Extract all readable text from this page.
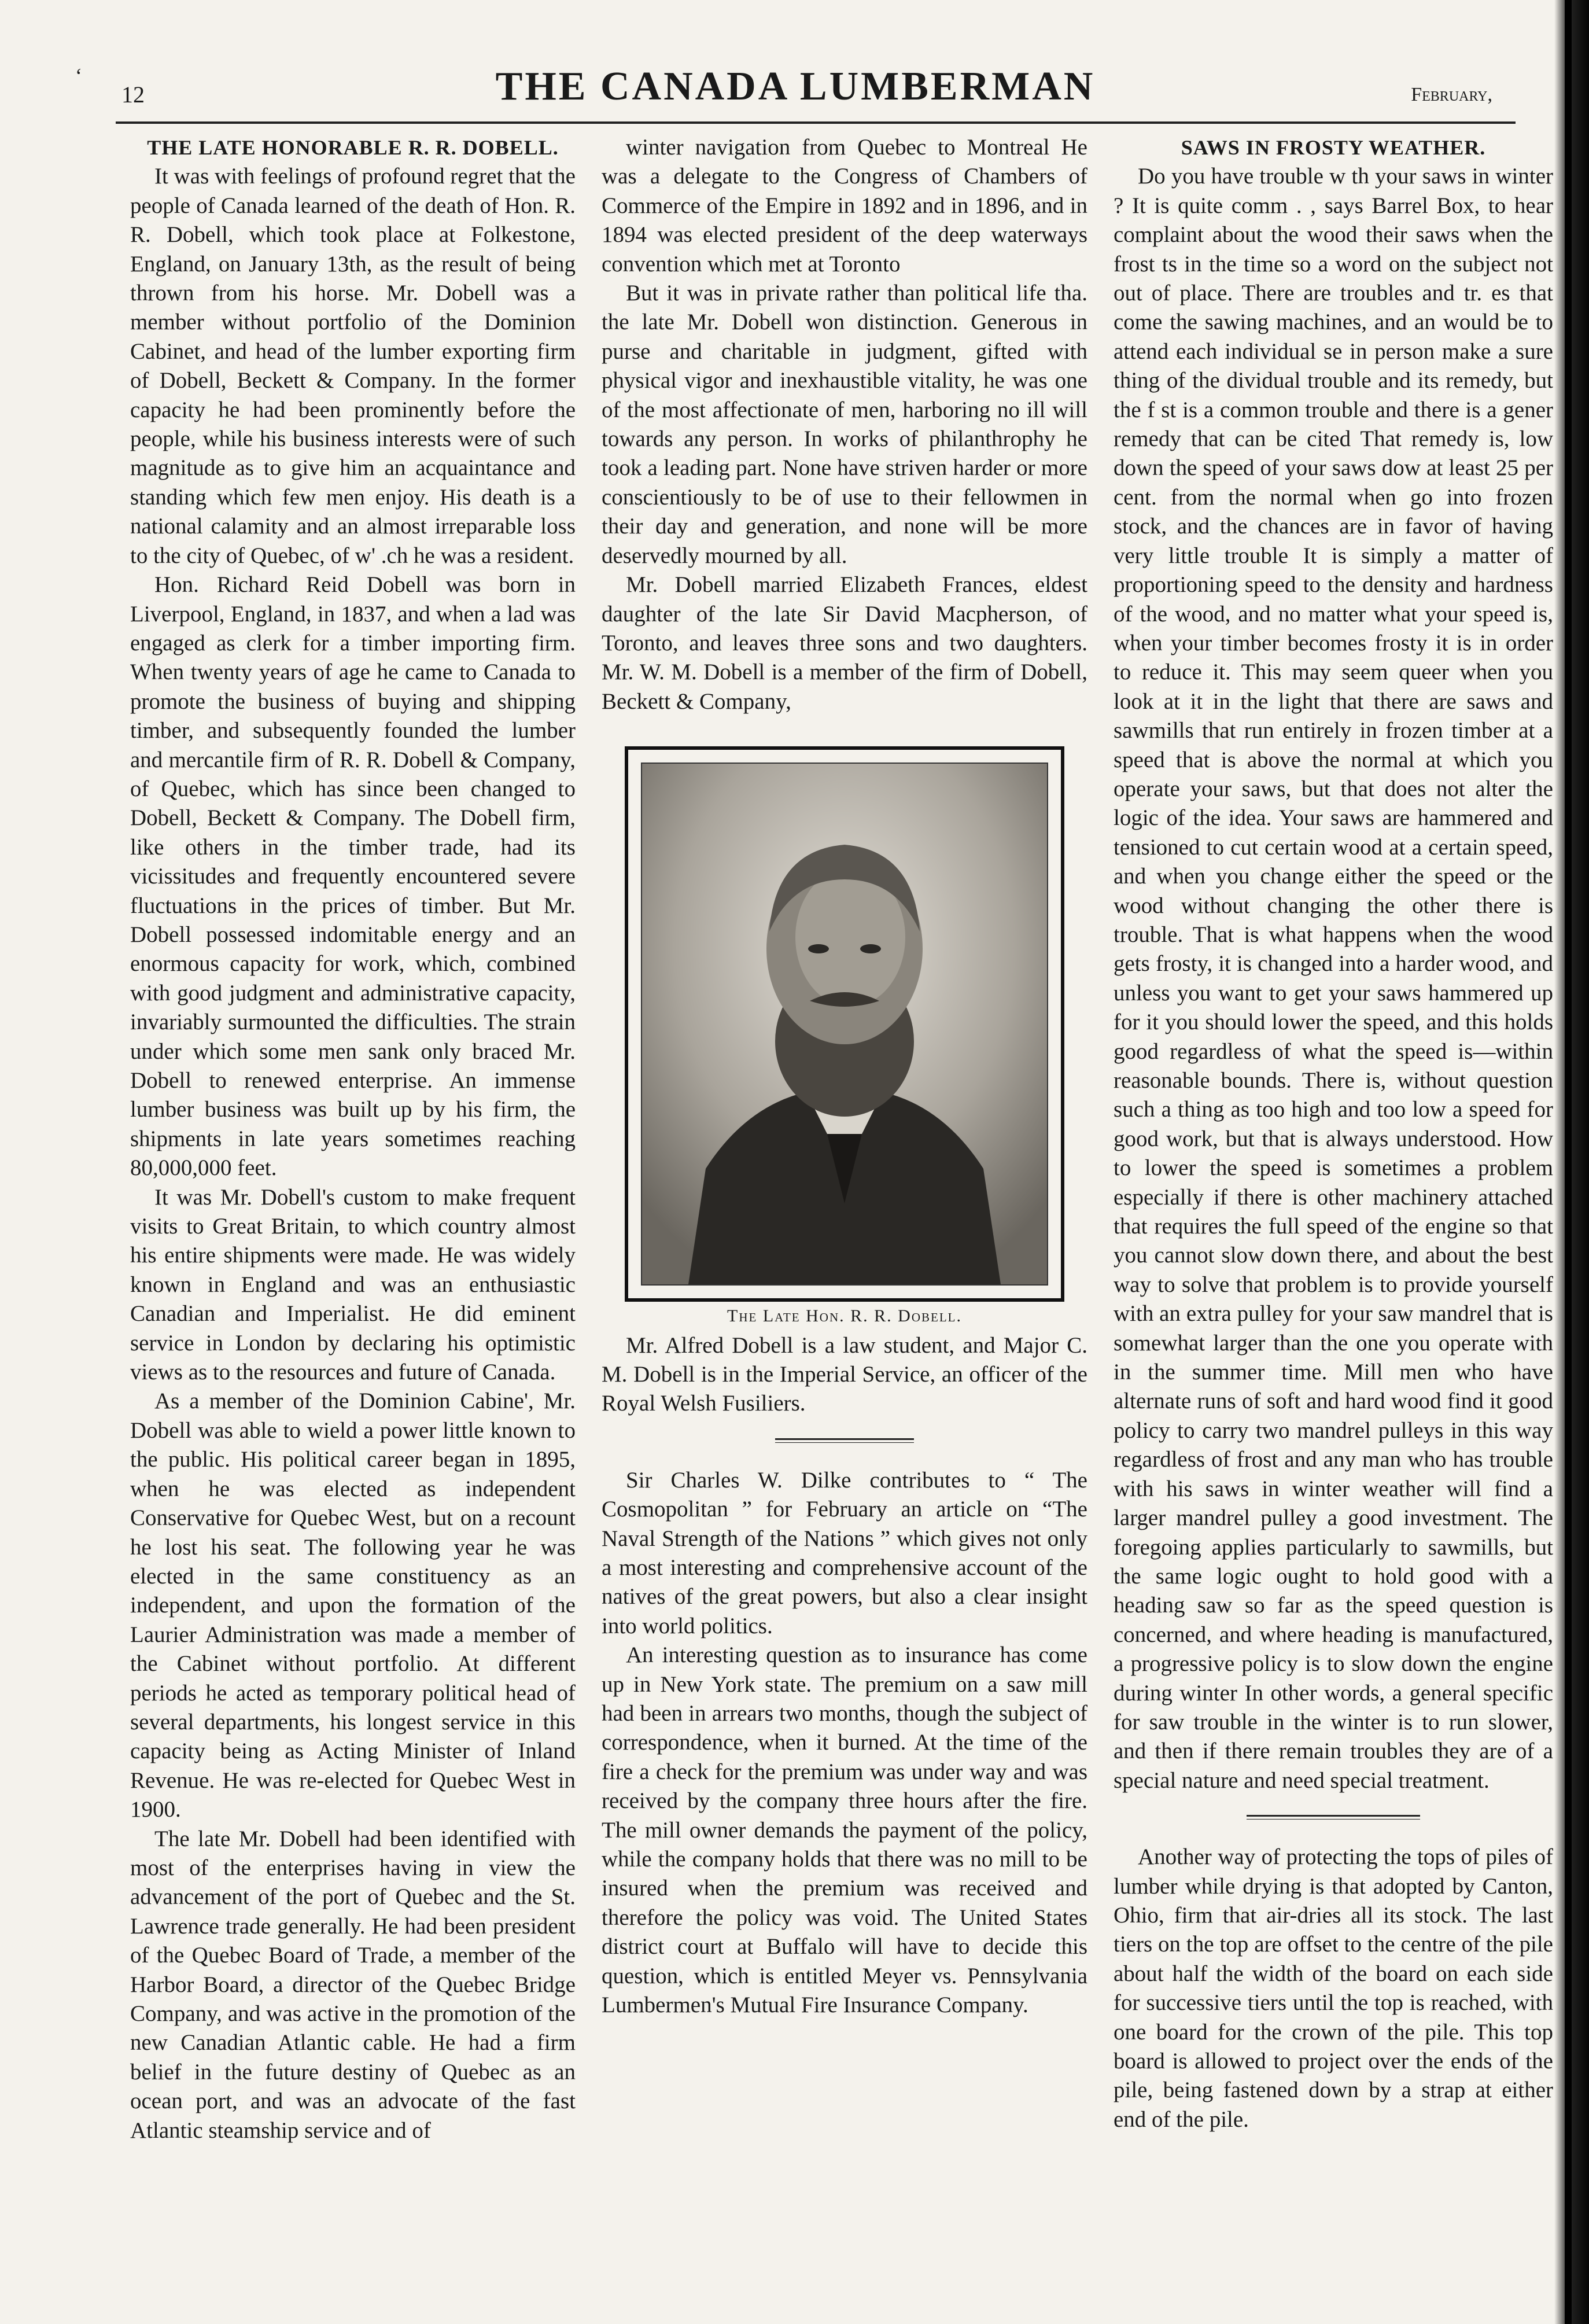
ʻ
12	THE CANADA LUMBERMAN	February,

THE LATE HONORABLE R. R. DOBELL.

It was with feelings of profound regret that the people of Canada learned of the death of Hon. R. R. Dobell, which took place at Folkestone, England, on January 13th, as the result of being thrown from his horse. Mr. Dobell was a member without portfolio of the Dominion Cabinet, and head of the lumber exporting firm of Dobell, Beckett & Company. In the former capacity he had been prominently before the people, while his business interests were of such magnitude as to give him an acquaintance and standing which few men enjoy. His death is a national calamity and an almost irreparable loss to the city of Quebec, of w' .ch he was a resident.

Hon. Richard Reid Dobell was born in Liverpool, England, in 1837, and when a lad was engaged as clerk for a timber importing firm. When twenty years of age he came to Canada to promote the business of buying and shipping timber, and subsequently founded the lumber and mercantile firm of R. R. Dobell & Company, of Quebec, which has since been changed to Dobell, Beckett & Company. The Dobell firm, like others in the timber trade, had its vicissitudes and frequently encountered severe fluctuations in the prices of timber. But Mr. Dobell possessed indomitable energy and an enormous capacity for work, which, combined with good judgment and administrative capacity, invariably surmounted the difficulties. The strain under which some men sank only braced Mr. Dobell to renewed enterprise. An immense lumber business was built up by his firm, the shipments in late years sometimes reaching 80,000,000 feet.

It was Mr. Dobell's custom to make frequent visits to Great Britain, to which country almost his entire shipments were made. He was widely known in England and was an enthusiastic Canadian and Imperialist. He did eminent service in London by declaring his optimistic views as to the resources and future of Canada.

As a member of the Dominion Cabine', Mr. Dobell was able to wield a power little known to the public. His political career began in 1895, when he was elected as independent Conservative for Quebec West, but on a recount he lost his seat. The following year he was elected in the same constituency as an independent, and upon the formation of the Laurier Administration was made a member of the Cabinet without portfolio. At different periods he acted as temporary political head of several departments, his longest service in this capacity being as Acting Minister of Inland Revenue. He was re-elected for Quebec West in 1900.

The late Mr. Dobell had been identified with most of the enterprises having in view the advancement of the port of Quebec and the St. Lawrence trade generally. He had been president of the Quebec Board of Trade, a member of the Harbor Board, a director of the Quebec Bridge Company, and was active in the promotion of the new Canadian Atlantic cable. He had a firm belief in the future destiny of Quebec as an ocean port, and was an advocate of the fast Atlantic steamship service and of

winter navigation from Quebec to Montreal He was a delegate to the Congress of Chambers of Commerce of the Empire in 1892 and in 1896, and in 1894 was elected president of the deep waterways convention which met at Toronto

But it was in private rather than political life tha. the late Mr. Dobell won distinction. Generous in purse and charitable in judgment, gifted with physical vigor and inexhaustible vitality, he was one of the most affectionate of men, harboring no ill will towards any person. In works of philanthrophy he took a leading part. None have striven harder or more conscientiously to be of use to their fellowmen in their day and generation, and none will be more deservedly mourned by all.

Mr. Dobell married Elizabeth Frances, eldest daughter of the late Sir David Macpherson, of Toronto, and leaves three sons and two daughters. Mr. W. M. Dobell is a member of the firm of Dobell, Beckett & Company,

The Late Hon. R. R. Dobell.

Mr. Alfred Dobell is a law student, and Major C. M. Dobell is in the Imperial Service, an officer of the Royal Welsh Fusiliers.

Sir Charles W. Dilke contributes to “ The Cosmopolitan ” for February an article on “The Naval Strength of the Nations ” which gives not only a most interesting and comprehensive account of the natives of the great powers, but also a clear insight into world politics.

An interesting question as to insurance has come up in New York state. The premium on a saw mill had been in arrears two months, though the subject of correspondence, when it burned. At the time of the fire a check for the premium was under way and was received by the company three hours after the fire. The mill owner demands the payment of the policy, while the company holds that there was no mill to be insured when the premium was received and therefore the policy was void. The United States district court at Buffalo will have to decide this question, which is entitled Meyer vs. Pennsylvania Lumbermen's Mutual Fire Insurance Company.

SAWS IN FROSTY WEATHER.

Do you have trouble w th your saws in winter ? It is quite comm . , says Barrel Box, to hear complaint about the wood their saws when the frost ts in the time so a word on the subject not out of place. There are troubles and tr. es that come the sawing machines, and an would be to attend each individual se in person make a sure thing of the dividual trouble and its remedy, but the f st is a common trouble and there is a gener remedy that can be cited That remedy is, low down the speed of your saws dow at least 25 per cent. from the normal when go into frozen stock, and the chances are in favor of having very little trouble It is simply a matter of proportioning speed to the density and hardness of the wood, and no matter what your speed is, when your timber becomes frosty it is in order to reduce it. This may seem queer when you look at it in the light that there are saws and sawmills that run entirely in frozen timber at a speed that is above the normal at which you operate your saws, but that does not alter the logic of the idea. Your saws are hammered and tensioned to cut certain wood at a certain speed, and when you change either the speed or the wood without changing the other there is trouble. That is what happens when the wood gets frosty, it is changed into a harder wood, and unless you want to get your saws hammered up for it you should lower the speed, and this holds good regardless of what the speed is—within reasonable bounds. There is, without question such a thing as too high and too low a speed for good work, but that is always understood. How to lower the speed is sometimes a problem especially if there is other machinery attached that requires the full speed of the engine so that you cannot slow down there, and about the best way to solve that problem is to provide yourself with an extra pulley for your saw mandrel that is somewhat larger than the one you operate with in the summer time. Mill men who have alternate runs of soft and hard wood find it good policy to carry two mandrel pulleys in this way regardless of frost and any man who has trouble with his saws in winter weather will find a larger mandrel pulley a good investment. The foregoing applies particularly to sawmills, but the same logic ought to hold good with a heading saw so far as the speed question is concerned, and where heading is manufactured, a progressive policy is to slow down the engine during winter In other words, a general specific for saw trouble in the winter is to run slower, and then if there remain troubles they are of a special nature and need special treatment.

Another way of protecting the tops of piles of lumber while drying is that adopted by Canton, Ohio, firm that air-dries all its stock. The last tiers on the top are offset to the centre of the pile about half the width of the board on each side for successive tiers until the top is reached, with one board for the crown of the pile. This top board is allowed to project over the ends of the pile, being fastened down by a strap at either end of the pile.
